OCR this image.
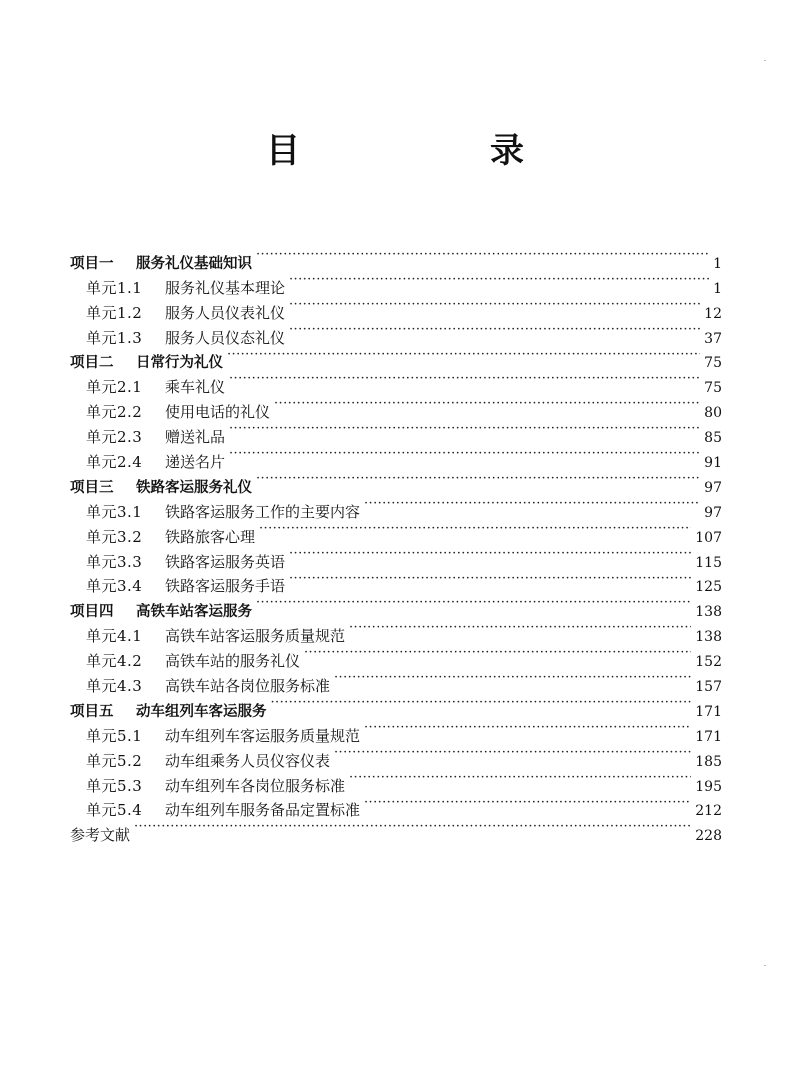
目　录
项目一	服务礼仪基础知识 ·····	1
单元1.1	服务礼仪基本理论 ·····	1
单元1.2	服务人员仪表礼仪 ·····	12
单元1.3	服务人员仪态礼仪 ·····	37
项目二	日常行为礼仪 ·····	75
单元2.1	乘车礼仪 ·····	75
单元2.2	使用电话的礼仪 ·····	80
单元2.3	赠送礼品 ·····	85
单元2.4	递送名片 ·····	91
项目三	铁路客运服务礼仪 ·····	97
单元3.1	铁路客运服务工作的主要内容 ·····	97
单元3.2	铁路旅客心理 ·····	107
单元3.3	铁路客运服务英语 ·····	115
单元3.4	铁路客运服务手语 ·····	125
项目四	高铁车站客运服务 ·····	138
单元4.1	高铁车站客运服务质量规范 ·····	138
单元4.2	高铁车站的服务礼仪 ·····	152
单元4.3	高铁车站各岗位服务标准 ·····	157
项目五	动车组列车客运服务 ·····	171
单元5.1	动车组列车客运服务质量规范 ·····	171
单元5.2	动车组乘务人员仪容仪表 ·····	185
单元5.3	动车组列车各岗位服务标准 ·····	195
单元5.4	动车组列车服务备品定置标准 ·····	212
参考文献 ·····	228
